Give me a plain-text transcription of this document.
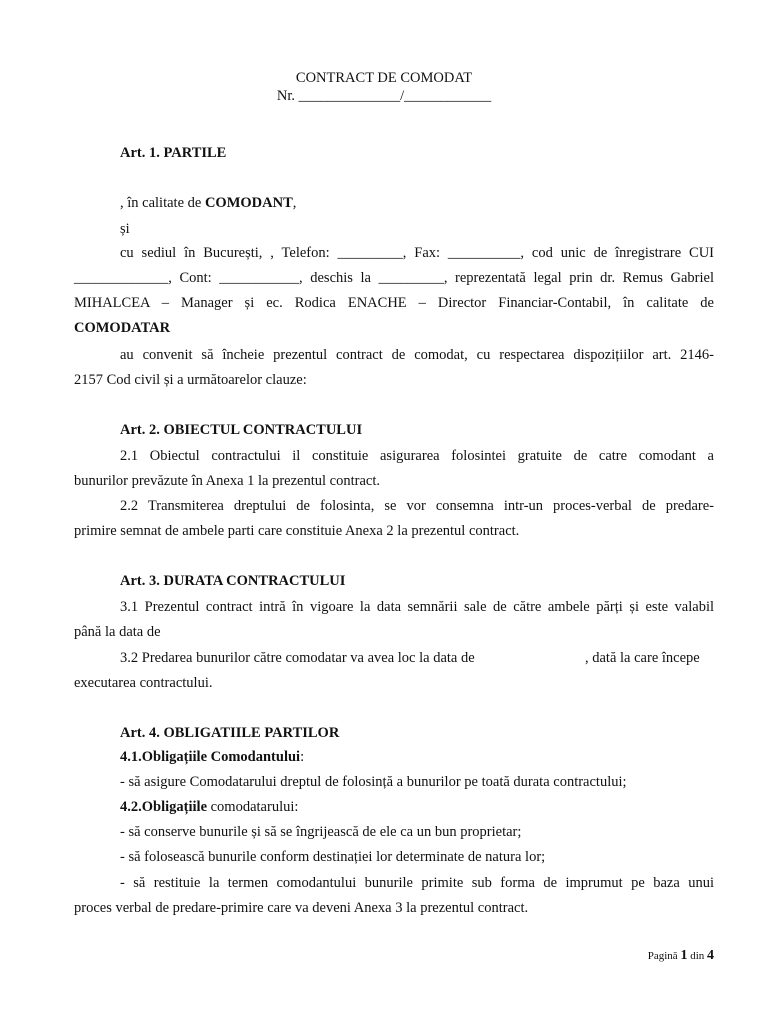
CONTRACT DE COMODAT
Nr. ______________/____________
Art. 1. PARTILE
, în calitate de COMODANT,
și
cu sediul în București, , Telefon: _________, Fax: __________, cod unic de înregistrare CUI
_____________, Cont: ___________, deschis la _________, reprezentată legal prin dr. Remus Gabriel
MIHALCEA – Manager și ec. Rodica ENACHE – Director Financiar-Contabil, în calitate de
COMODATAR
au convenit să încheie prezentul contract de comodat, cu respectarea dispozițiilor art. 2146-
2157 Cod civil și a următoarelor clauze:
Art. 2. OBIECTUL CONTRACTULUI
2.1 Obiectul contractului il constituie asigurarea folosintei gratuite de catre comodant a
bunurilor prevăzute în Anexa 1 la prezentul contract.
2.2 Transmiterea dreptului de folosinta, se vor consemna intr-un proces-verbal de predare-
primire semnat de ambele parti care constituie Anexa 2 la prezentul contract.
Art. 3. DURATA CONTRACTULUI
3.1 Prezentul contract intră în vigoare la data semnării sale de către ambele părți și este valabil
până la data de
3.2 Predarea bunurilor către comodatar va avea loc la data de	, dată la care începe
executarea contractului.
Art. 4. OBLIGATIILE PARTILOR
4.1.Obligațiile Comodantului:
- să asigure Comodatarului dreptul de folosință a bunurilor pe toată durata contractului;
4.2.Obligațiile comodatarului:
- să conserve bunurile și să se îngrijească de ele ca un bun proprietar;
- să folosească bunurile conform destinației lor determinate de natura lor;
- să restituie la termen comodantului bunurile primite sub forma de imprumut pe baza unui
proces verbal de predare-primire care va deveni Anexa 3 la prezentul contract.
Pagină 1 din 4
